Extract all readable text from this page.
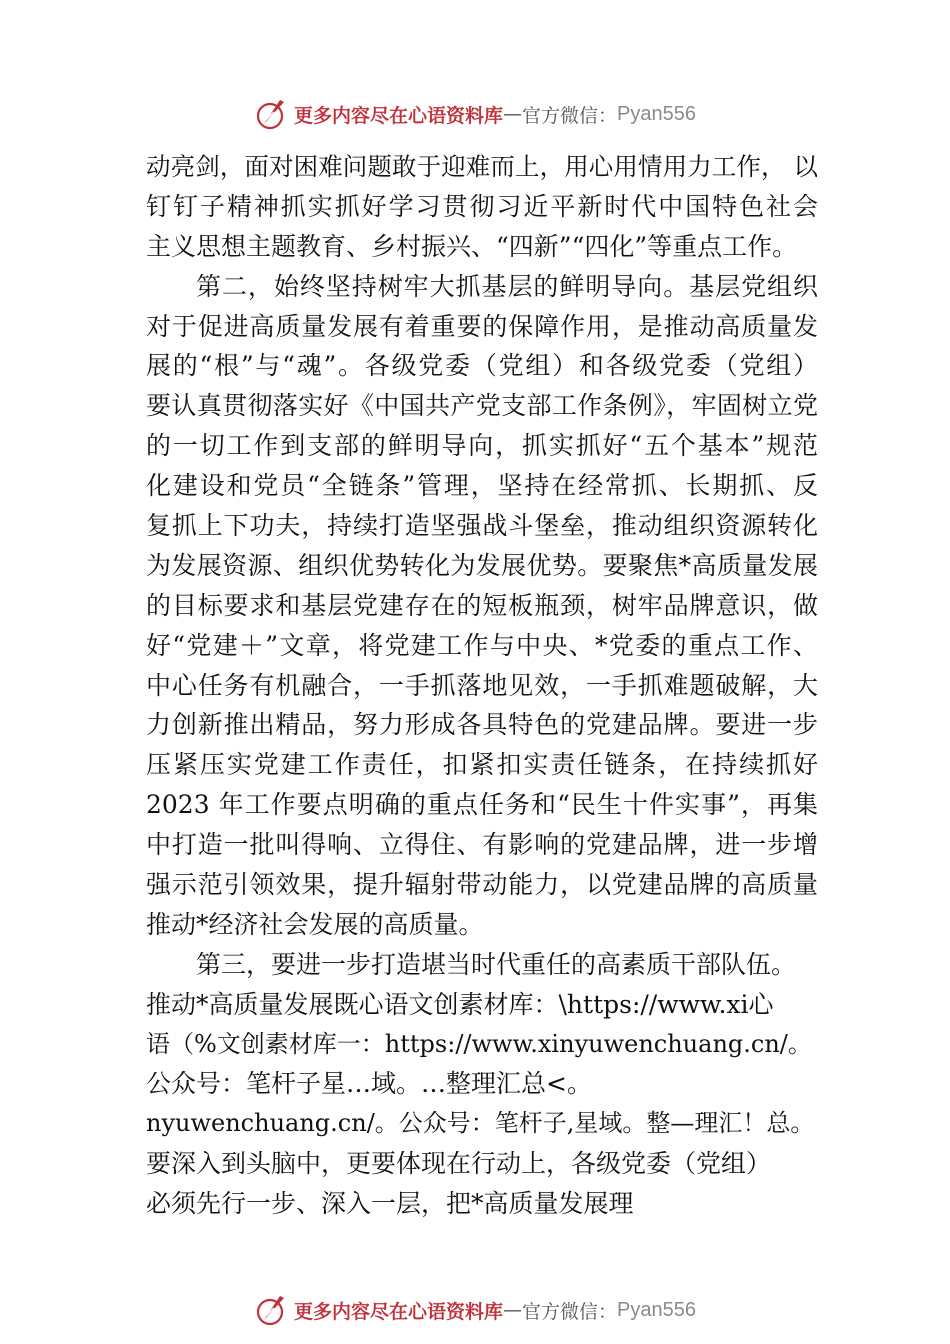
更多内容尽在心语资料库 — 官方微信： Pyan556
动亮剑，面对困难问题敢于迎难而上，用心用情用力工作， 以
钉钉子精神抓实抓好学习贯彻习近平新时代中国特色社会
主义思想主题教育、乡村振兴、“四新”“四化”等重点工作。
第二，始终坚持树牢大抓基层的鲜明导向。基层党组织
对于促进高质量发展有着重要的保障作用，是推动高质量发
展的“根”与“魂”。各级党委（党组）和各级党委（党组）
要认真贯彻落实好《中国共产党支部工作条例》，牢固树立党
的一切工作到支部的鲜明导向，抓实抓好“五个基本”规范
化建设和党员“全链条”管理，坚持在经常抓、长期抓、反
复抓上下功夫，持续打造坚强战斗堡垒，推动组织资源转化
为发展资源、组织优势转化为发展优势。要聚焦*高质量发展
的目标要求和基层党建存在的短板瓶颈，树牢品牌意识，做
好“党建＋”文章，将党建工作与中央、*党委的重点工作、
中心任务有机融合，一手抓落地见效，一手抓难题破解，大
力创新推出精品，努力形成各具特色的党建品牌。要进一步
压紧压实党建工作责任，扣紧扣实责任链条，在持续抓好
2023 年工作要点明确的重点任务和“民生十件实事”，再集
中打造一批叫得响、立得住、有影响的党建品牌，进一步增
强示范引领效果，提升辐射带动能力，以党建品牌的高质量
推动*经济社会发展的高质量。
第三，要进一步打造堪当时代重任的高素质干部队伍。
推动*高质量发展既心语文创素材库：\https://www.xi心
语（%文创素材库一：https://www.xinyuwenchuang.cn/。
公众号：笔杆子星…域。…整理汇总<。
nyuwenchuang.cn/。公众号：笔杆子,星域。整—理汇！总。
要深入到头脑中，更要体现在行动上，各级党委（党组）
必须先行一步、深入一层，把*高质量发展理
更多内容尽在心语资料库 — 官方微信： Pyan556
